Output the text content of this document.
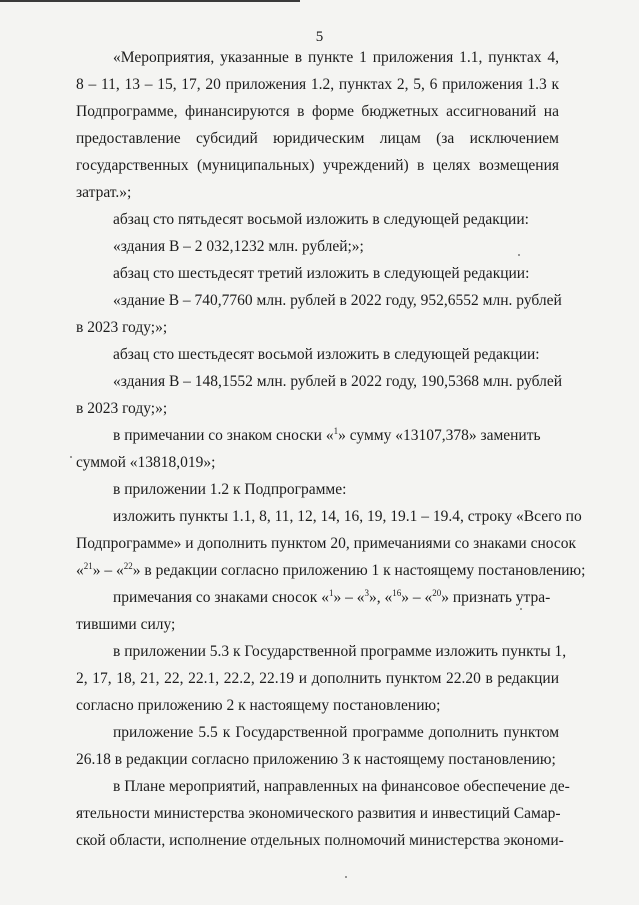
5
«Мероприятия, указанные в пункте 1 приложения 1.1, пунктах 4,
8 – 11, 13 – 15, 17, 20 приложения 1.2, пунктах 2, 5, 6 приложения 1.3 к
Подпрограмме, финансируются в форме бюджетных ассигнований на
предоставление субсидий юридическим лицам (за исключением
государственных (муниципальных) учреждений) в целях возмещения
затрат.»;
абзац сто пятьдесят восьмой изложить в следующей редакции:
«здания В – 2 032,1232 млн. рублей;»;
абзац сто шестьдесят третий изложить в следующей редакции:
«здание В – 740,7760 млн. рублей в 2022 году, 952,6552 млн. рублей
в 2023 году;»;
абзац сто шестьдесят восьмой изложить в следующей редакции:
«здания В – 148,1552 млн. рублей в 2022 году, 190,5368 млн. рублей
в 2023 году;»;
в примечании со знаком сноски «$^1$» сумму «13107,378» заменить
суммой «13818,019»;
в приложении 1.2 к Подпрограмме:
изложить пункты 1.1, 8, 11, 12, 14, 16, 19, 19.1 – 19.4, строку «Всего по
Подпрограмме» и дополнить пунктом 20, примечаниями со знаками сносок
«$^{21}$» – «$^{22}$» в редакции согласно приложению 1 к настоящему постановлению;
примечания со знаками сносок «$^1$» – «$^3$», «$^{16}$» – «$^{20}$» признать утра-
тившими силу;
в приложении 5.3 к Государственной программе изложить пункты 1,
2, 17, 18, 21, 22, 22.1, 22.2, 22.19 и дополнить пунктом 22.20 в редакции
согласно приложению 2 к настоящему постановлению;
приложение 5.5 к Государственной программе дополнить пунктом
26.18 в редакции согласно приложению 3 к настоящему постановлению;
в Плане мероприятий, направленных на финансовое обеспечение де-
ятельности министерства экономического развития и инвестиций Самар-
ской области, исполнение отдельных полномочий министерства экономи-
